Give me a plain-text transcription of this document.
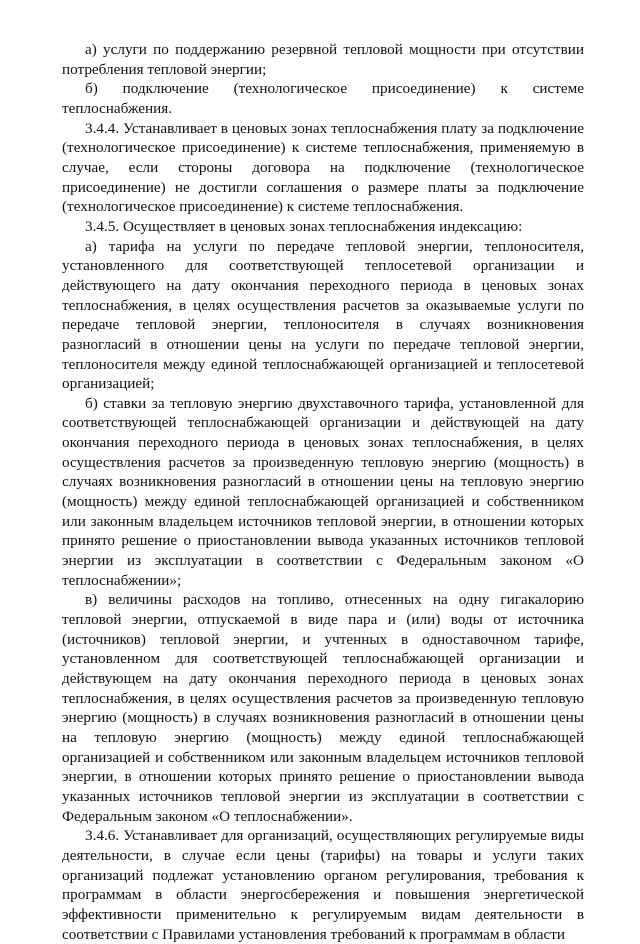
а) услуги по поддержанию резервной тепловой мощности при отсутствии потребления тепловой энергии;

б) подключение (технологическое присоединение) к системе теплоснабжения.

3.4.4. Устанавливает в ценовых зонах теплоснабжения плату за подключение (технологическое присоединение) к системе теплоснабжения, применяемую в случае, если стороны договора на подключение (технологическое присоединение) не достигли соглашения о размере платы за подключение (технологическое присоединение) к системе теплоснабжения.

3.4.5. Осуществляет в ценовых зонах теплоснабжения индексацию:

а) тарифа на услуги по передаче тепловой энергии, теплоносителя, установленного для соответствующей теплосетевой организации и действующего на дату окончания переходного периода в ценовых зонах теплоснабжения, в целях осуществления расчетов за оказываемые услуги по передаче тепловой энергии, теплоносителя в случаях возникновения разногласий в отношении цены на услуги по передаче тепловой энергии, теплоносителя между единой теплоснабжающей организацией и теплосетевой организацией;

б) ставки за тепловую энергию двухставочного тарифа, установленной для соответствующей теплоснабжающей организации и действующей на дату окончания переходного периода в ценовых зонах теплоснабжения, в целях осуществления расчетов за произведенную тепловую энергию (мощность) в случаях возникновения разногласий в отношении цены на тепловую энергию (мощность) между единой теплоснабжающей организацией и собственником или законным владельцем источников тепловой энергии, в отношении которых принято решение о приостановлении вывода указанных источников тепловой энергии из эксплуатации в соответствии с Федеральным законом «О теплоснабжении»;

в) величины расходов на топливо, отнесенных на одну гигакалорию тепловой энергии, отпускаемой в виде пара и (или) воды от источника (источников) тепловой энергии, и учтенных в одноставочном тарифе, установленном для соответствующей теплоснабжающей организации и действующем на дату окончания переходного периода в ценовых зонах теплоснабжения, в целях осуществления расчетов за произведенную тепловую энергию (мощность) в случаях возникновения разногласий в отношении цены на тепловую энергию (мощность) между единой теплоснабжающей организацией и собственником или законным владельцем источников тепловой энергии, в отношении которых принято решение о приостановлении вывода указанных источников тепловой энергии из эксплуатации в соответствии с Федеральным законом «О теплоснабжении».

3.4.6. Устанавливает для организаций, осуществляющих регулируемые виды деятельности, в случае если цены (тарифы) на товары и услуги таких организаций подлежат установлению органом регулирования, требования к программам в области энергосбережения и повышения энергетической эффективности применительно к регулируемым видам деятельности в соответствии с Правилами установления требований к программам в области
